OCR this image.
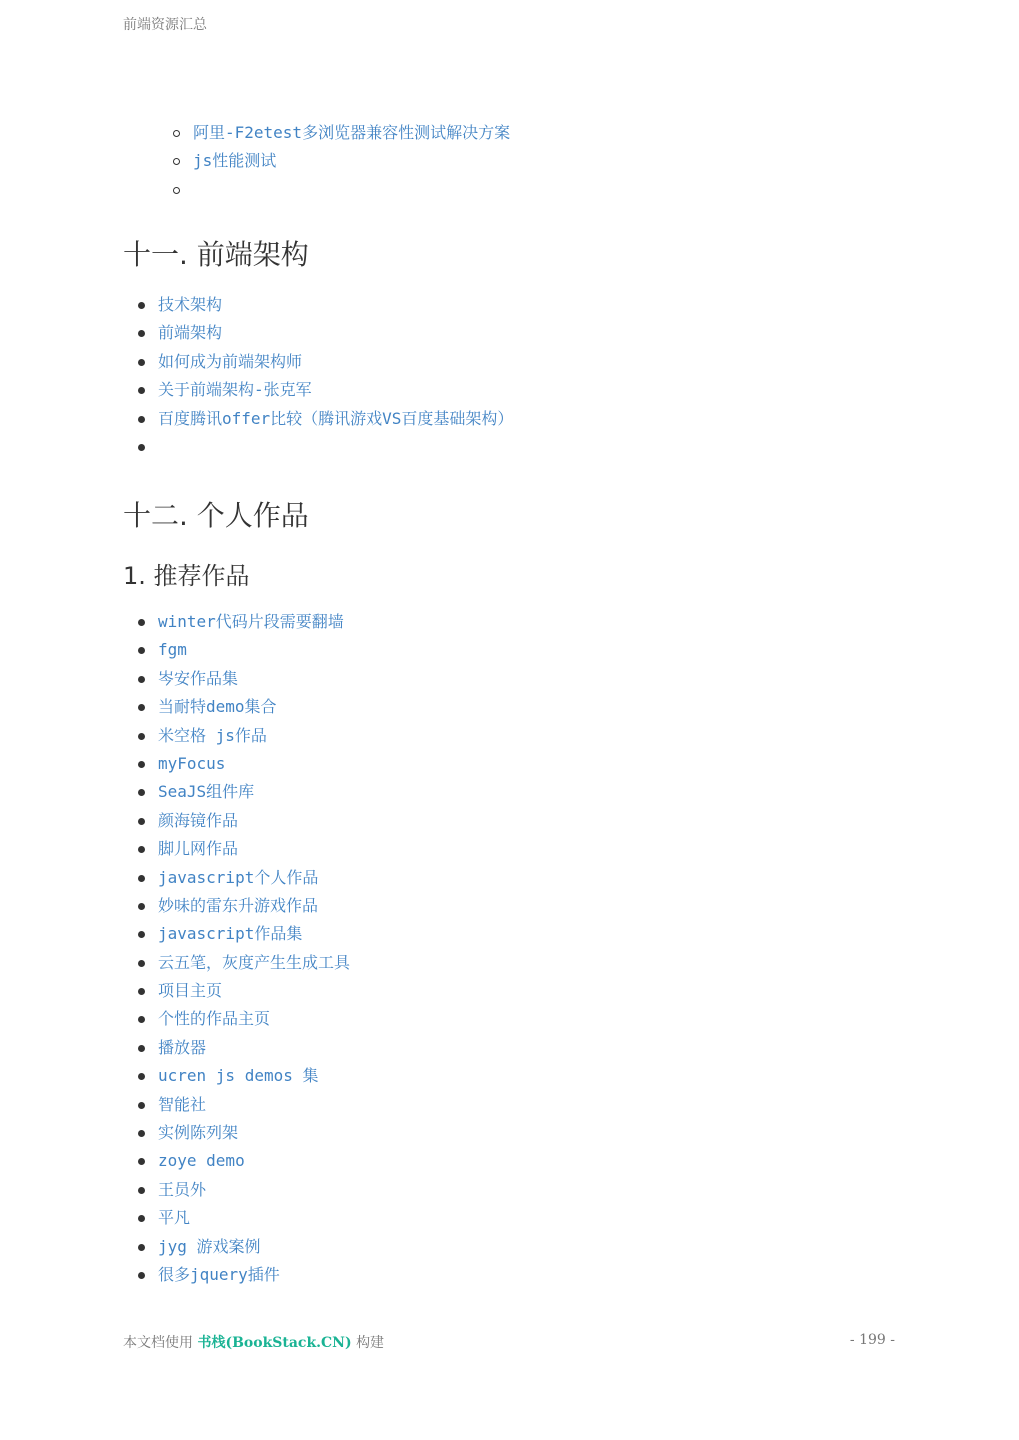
前端资源汇总
阿里-F2etest多浏览器兼容性测试解决方案
js性能测试
十一. 前端架构
技术架构
前端架构
如何成为前端架构师
关于前端架构-张克军
百度腾讯offer比较（腾讯游戏VS百度基础架构）
十二. 个人作品
1. 推荐作品
winter代码片段需要翻墙
fgm
岑安作品集
当耐特demo集合
米空格 js作品
myFocus
SeaJS组件库
颜海镜作品
脚儿网作品
javascript个人作品
妙味的雷东升游戏作品
javascript作品集
云五笔，灰度产生生成工具
项目主页
个性的作品主页
播放器
ucren js demos 集
智能社
实例陈列架
zoye demo
王员外
平凡
jyg 游戏案例
很多jquery插件
本文档使用 书栈(BookStack.CN) 构建	- 199 -
